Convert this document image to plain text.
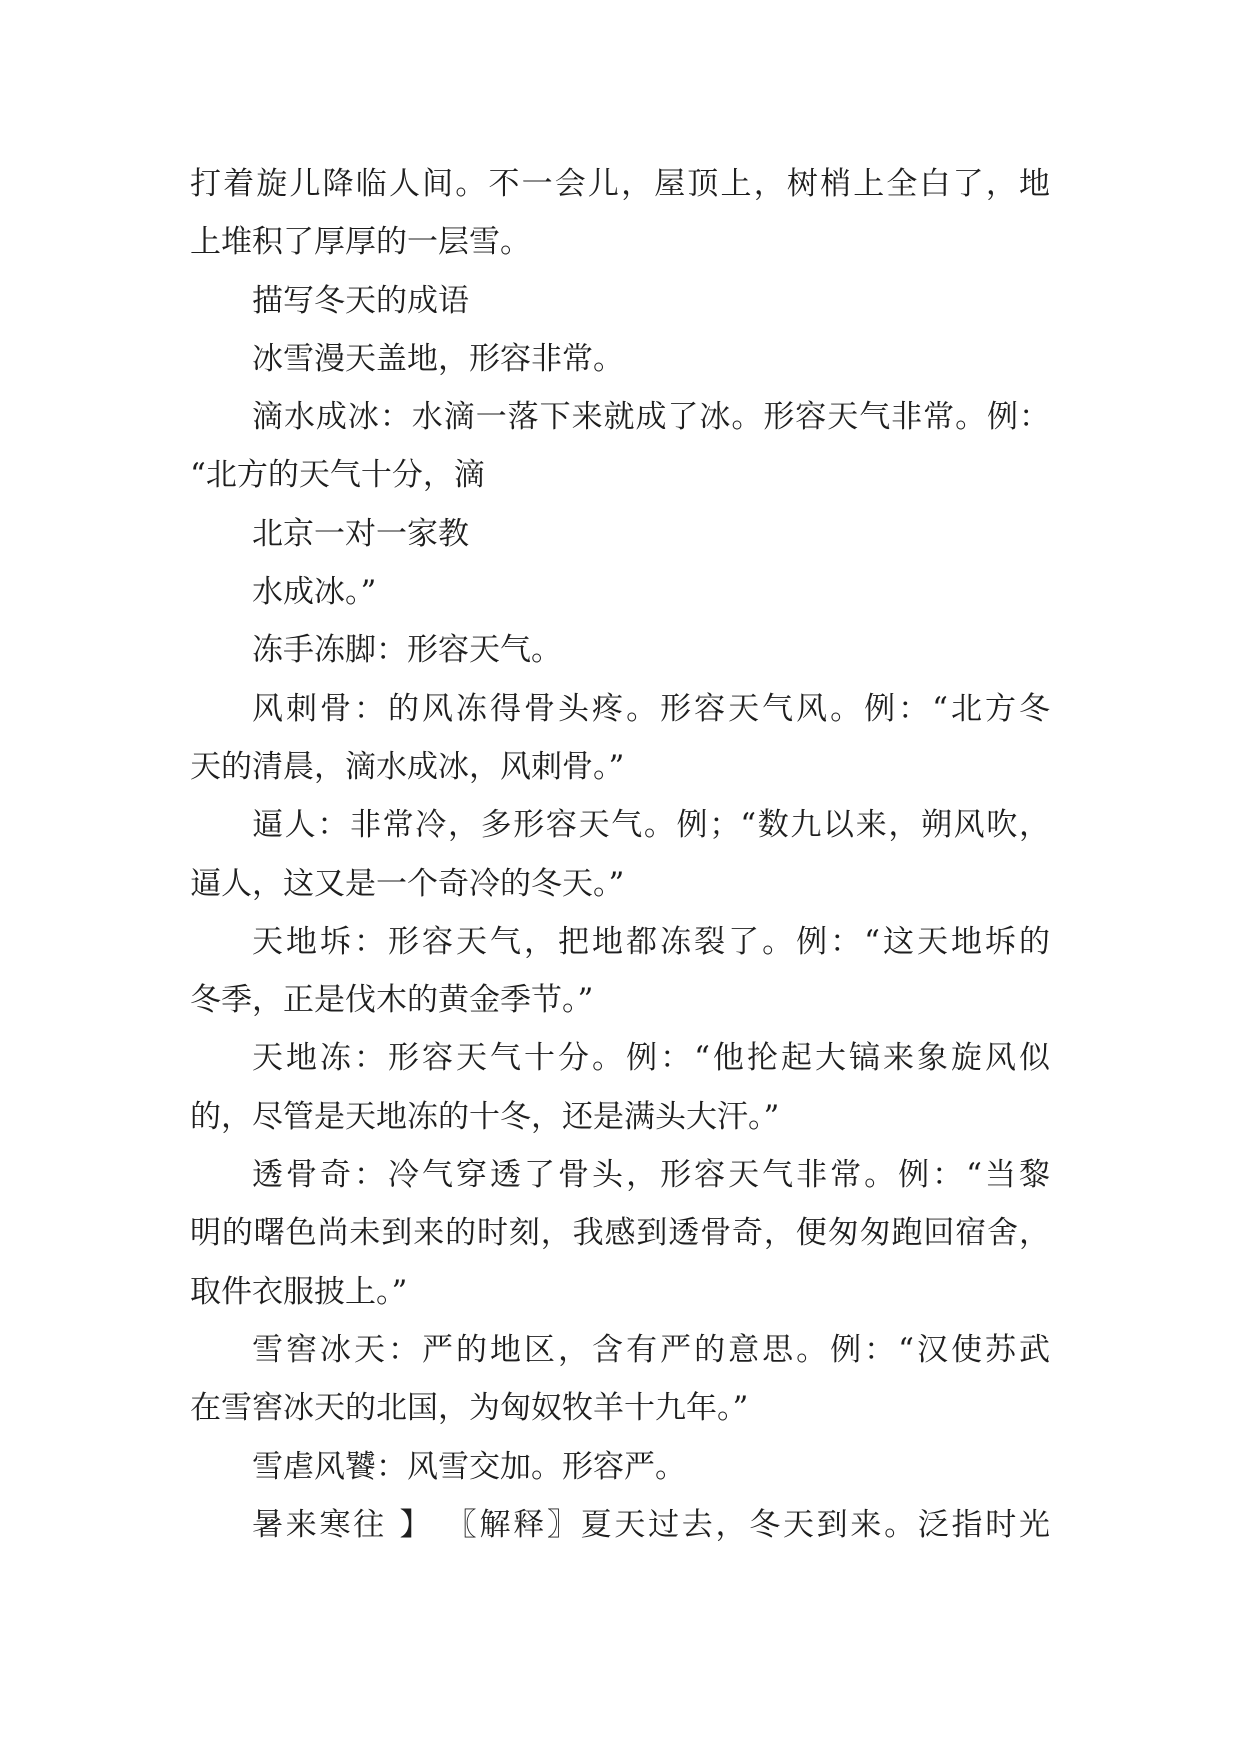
打着旋儿降临人间。不一会儿，屋顶上，树梢上全白了，地
上堆积了厚厚的一层雪。
描写冬天的成语
冰雪漫天盖地，形容非常。
滴水成冰：水滴一落下来就成了冰。形容天气非常。例：
“北方的天气十分，滴
北京一对一家教
水成冰。”
冻手冻脚：形容天气。
风刺骨：的风冻得骨头疼。形容天气风。例：“北方冬
天的清晨，滴水成冰，风刺骨。”
逼人：非常冷，多形容天气。例；“数九以来，朔风吹，
逼人，这又是一个奇冷的冬天。”
天地坼：形容天气，把地都冻裂了。例：“这天地坼的
冬季，正是伐木的黄金季节。”
天地冻：形容天气十分。例：“他抡起大镐来象旋风似
的，尽管是天地冻的十冬，还是满头大汗。”
透骨奇：冷气穿透了骨头，形容天气非常。例：“当黎
明的曙色尚未到来的时刻，我感到透骨奇，便匆匆跑回宿舍，
取件衣服披上。”
雪窖冰天：严的地区，含有严的意思。例：“汉使苏武
在雪窖冰天的北国，为匈奴牧羊十九年。”
雪虐风饕：风雪交加。形容严。
暑来寒往 】 〖解释〗夏天过去，冬天到来。泛指时光
